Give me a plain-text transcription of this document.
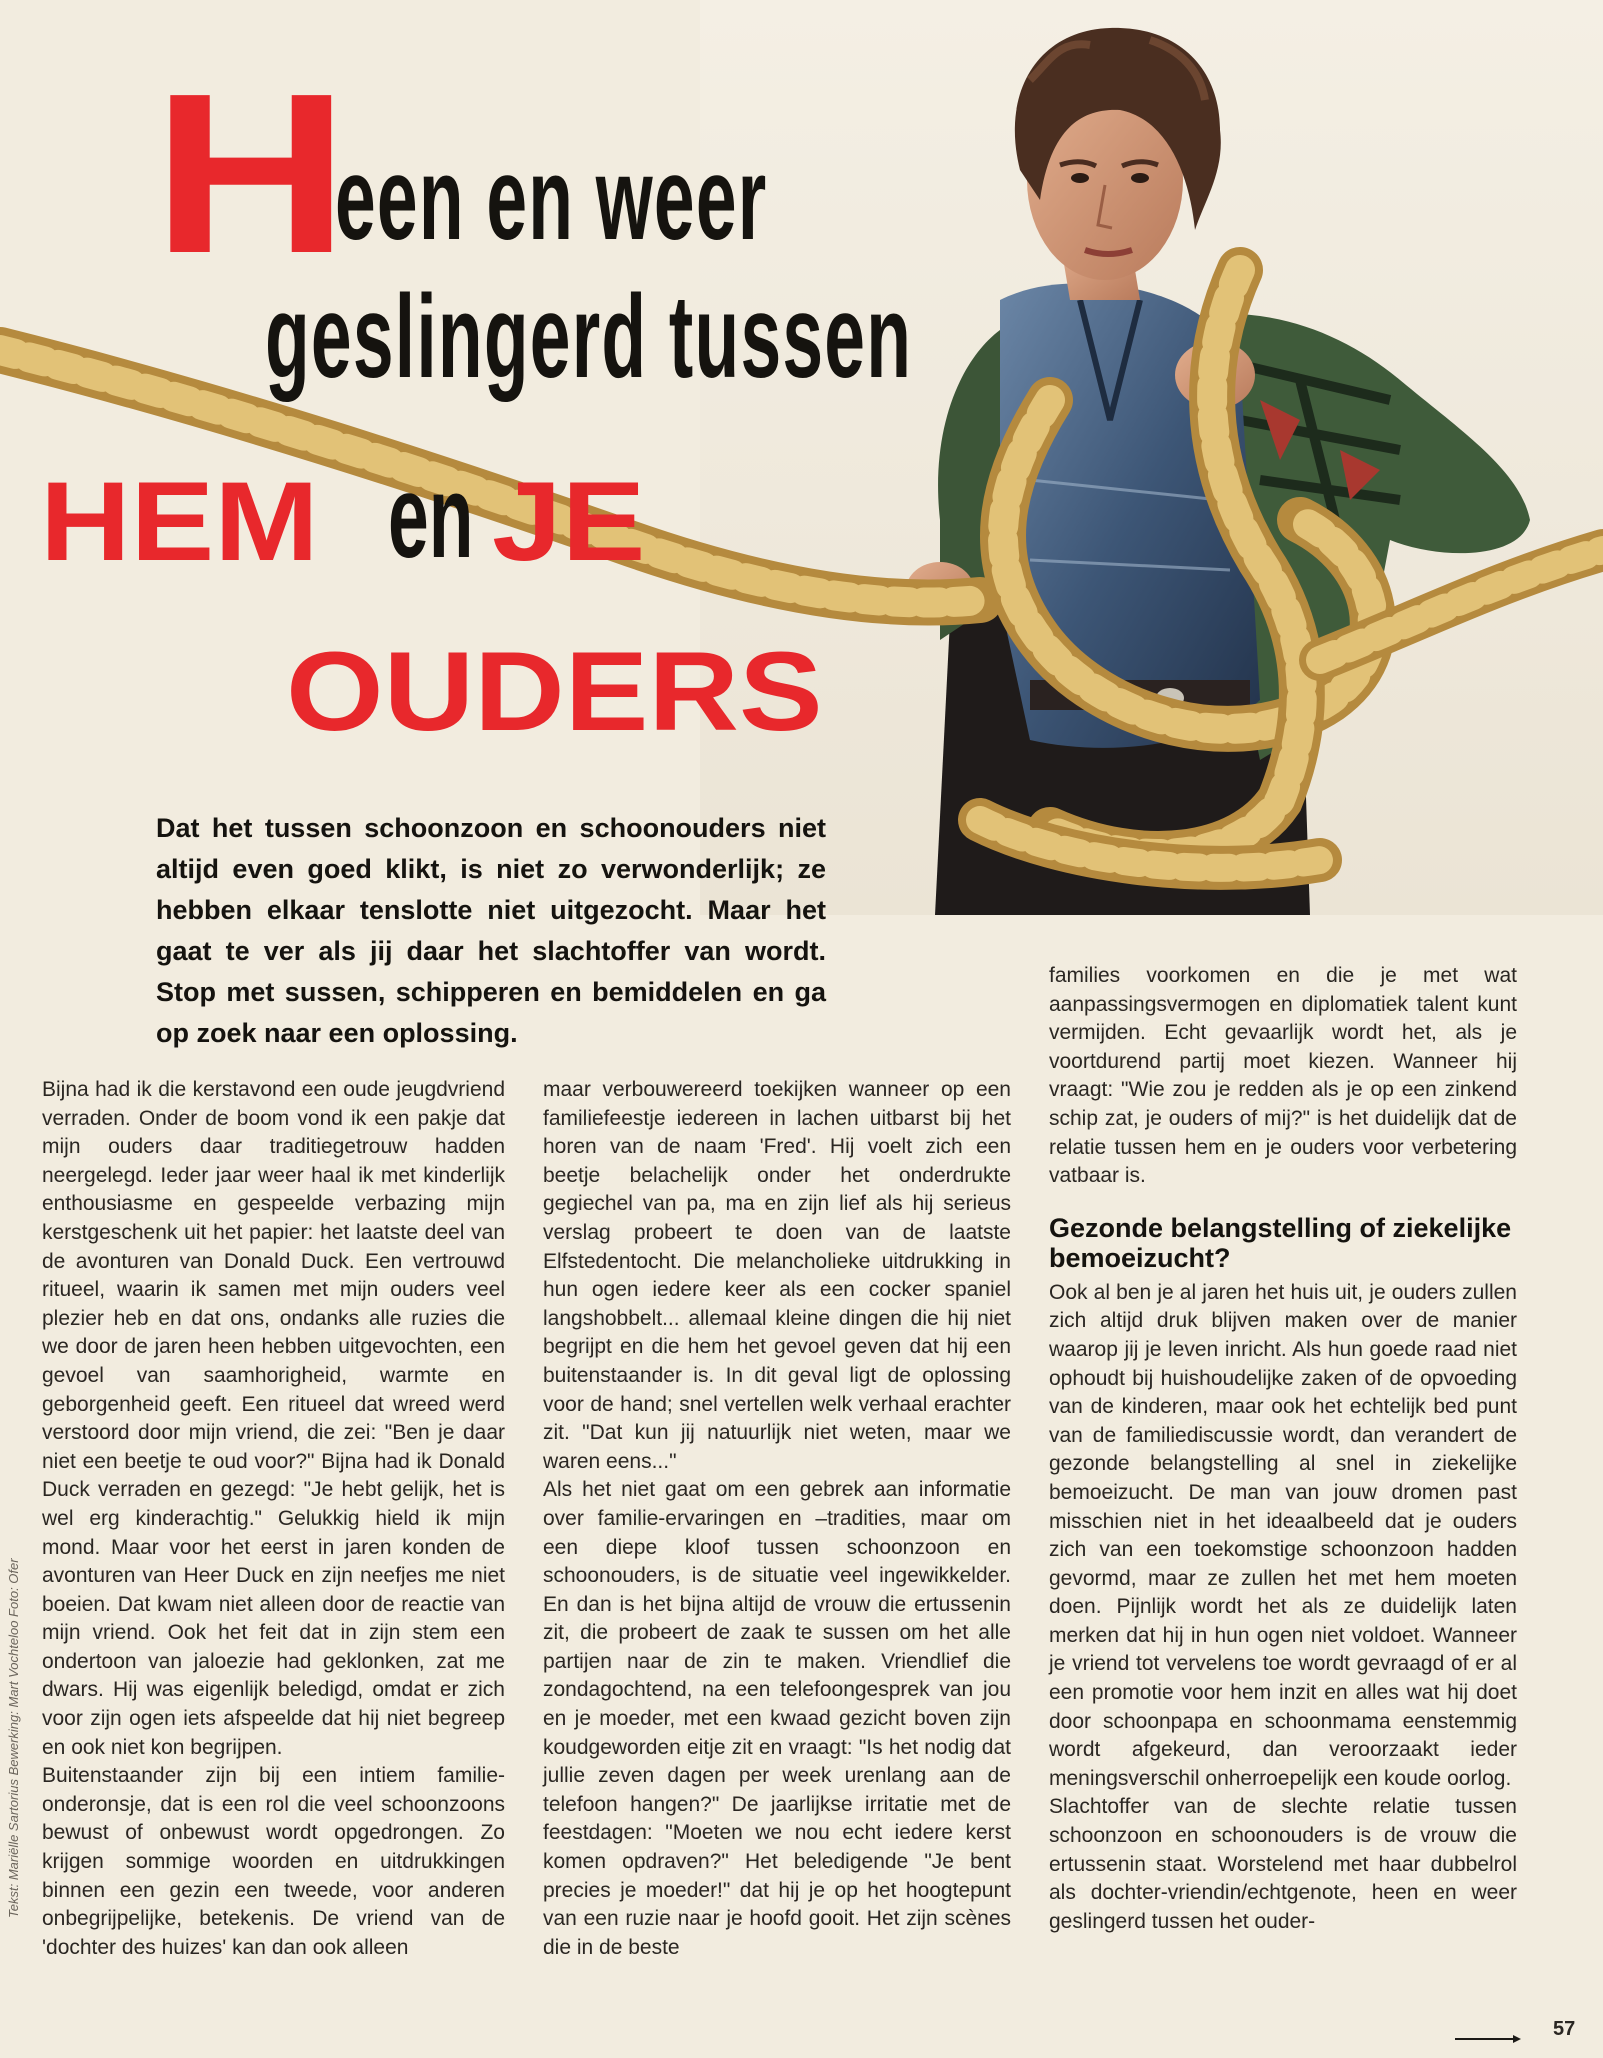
H
een en weer
geslingerd tussen
HEM en JE
OUDERS
Dat het tussen schoonzoon en schoonouders niet altijd even goed klikt, is niet zo verwonderlijk; ze hebben elkaar tenslotte niet uitgezocht. Maar het gaat te ver als jij daar het slachtoffer van wordt. Stop met sussen, schipperen en bemiddelen en ga op zoek naar een oplossing.

Bijna had ik die kerstavond een oude jeugdvriend verraden. Onder de boom vond ik een pakje dat mijn ouders daar traditiegetrouw hadden neergelegd. Ieder jaar weer haal ik met kinderlijk enthousiasme en gespeelde verbazing mijn kerstgeschenk uit het papier: het laatste deel van de avonturen van Donald Duck. Een vertrouwd ritueel, waarin ik samen met mijn ouders veel plezier heb en dat ons, ondanks alle ruzies die we door de jaren heen hebben uitgevochten, een gevoel van saamhorigheid, warmte en geborgenheid geeft. Een ritueel dat wreed werd verstoord door mijn vriend, die zei: "Ben je daar niet een beetje te oud voor?" Bijna had ik Donald Duck verraden en gezegd: "Je hebt gelijk, het is wel erg kinderachtig." Gelukkig hield ik mijn mond. Maar voor het eerst in jaren konden de avonturen van Heer Duck en zijn neefjes me niet boeien. Dat kwam niet alleen door de reactie van mijn vriend. Ook het feit dat in zijn stem een ondertoon van jaloezie had geklonken, zat me dwars. Hij was eigenlijk beledigd, omdat er zich voor zijn ogen iets afspeelde dat hij niet begreep en ook niet kon begrijpen.

Buitenstaander zijn bij een intiem familie-onderonsje, dat is een rol die veel schoonzoons bewust of onbewust wordt opgedrongen. Zo krijgen sommige woorden en uitdrukkingen binnen een gezin een tweede, voor anderen onbegrijpelijke, betekenis. De vriend van de 'dochter des huizes' kan dan ook alleen

maar verbouwereerd toekijken wanneer op een familiefeestje iedereen in lachen uitbarst bij het horen van de naam 'Fred'. Hij voelt zich een beetje belachelijk onder het onderdrukte gegiechel van pa, ma en zijn lief als hij serieus verslag probeert te doen van de laatste Elfstedentocht. Die melancholieke uitdrukking in hun ogen iedere keer als een cocker spaniel langshobbelt... allemaal kleine dingen die hij niet begrijpt en die hem het gevoel geven dat hij een buitenstaander is. In dit geval ligt de oplossing voor de hand; snel vertellen welk verhaal erachter zit. "Dat kun jij natuurlijk niet weten, maar we waren eens..."

Als het niet gaat om een gebrek aan informatie over familie-ervaringen en –tradities, maar om een diepe kloof tussen schoonzoon en schoonouders, is de situatie veel ingewikkelder. En dan is het bijna altijd de vrouw die ertussenin zit, die probeert de zaak te sussen om het alle partijen naar de zin te maken. Vriendlief die zondagochtend, na een telefoongesprek van jou en je moeder, met een kwaad gezicht boven zijn koudgeworden eitje zit en vraagt: "Is het nodig dat jullie zeven dagen per week urenlang aan de telefoon hangen?" De jaarlijkse irritatie met de feestdagen: "Moeten we nou echt iedere kerst komen opdraven?" Het beledigende "Je bent precies je moeder!" dat hij je op het hoogtepunt van een ruzie naar je hoofd gooit. Het zijn scènes die in de beste

families voorkomen en die je met wat aanpassingsvermogen en diplomatiek talent kunt vermijden. Echt gevaarlijk wordt het, als je voortdurend partij moet kiezen. Wanneer hij vraagt: "Wie zou je redden als je op een zinkend schip zat, je ouders of mij?" is het duidelijk dat de relatie tussen hem en je ouders voor verbetering vatbaar is.

Gezonde belangstelling of ziekelijke bemoeizucht?

Ook al ben je al jaren het huis uit, je ouders zullen zich altijd druk blijven maken over de manier waarop jij je leven inricht. Als hun goede raad niet ophoudt bij huishoudelijke zaken of de opvoeding van de kinderen, maar ook het echtelijk bed punt van de familiediscussie wordt, dan verandert de gezonde belangstelling al snel in ziekelijke bemoeizucht. De man van jouw dromen past misschien niet in het ideaalbeeld dat je ouders zich van een toekomstige schoonzoon hadden gevormd, maar ze zullen het met hem moeten doen. Pijnlijk wordt het als ze duidelijk laten merken dat hij in hun ogen niet voldoet. Wanneer je vriend tot vervelens toe wordt gevraagd of er al een promotie voor hem inzit en alles wat hij doet door schoonpapa en schoonmama eenstemmig wordt afgekeurd, dan veroorzaakt ieder meningsverschil onherroepelijk een koude oorlog.

Slachtoffer van de slechte relatie tussen schoonzoon en schoonouders is de vrouw die ertussenin staat. Worstelend met haar dubbelrol als dochter-vriendin/echtgenote, heen en weer geslingerd tussen het ouder-

Tekst: Mariëlle Sartorius Bewerking: Mart Vochteloo Foto: Ofer
57
